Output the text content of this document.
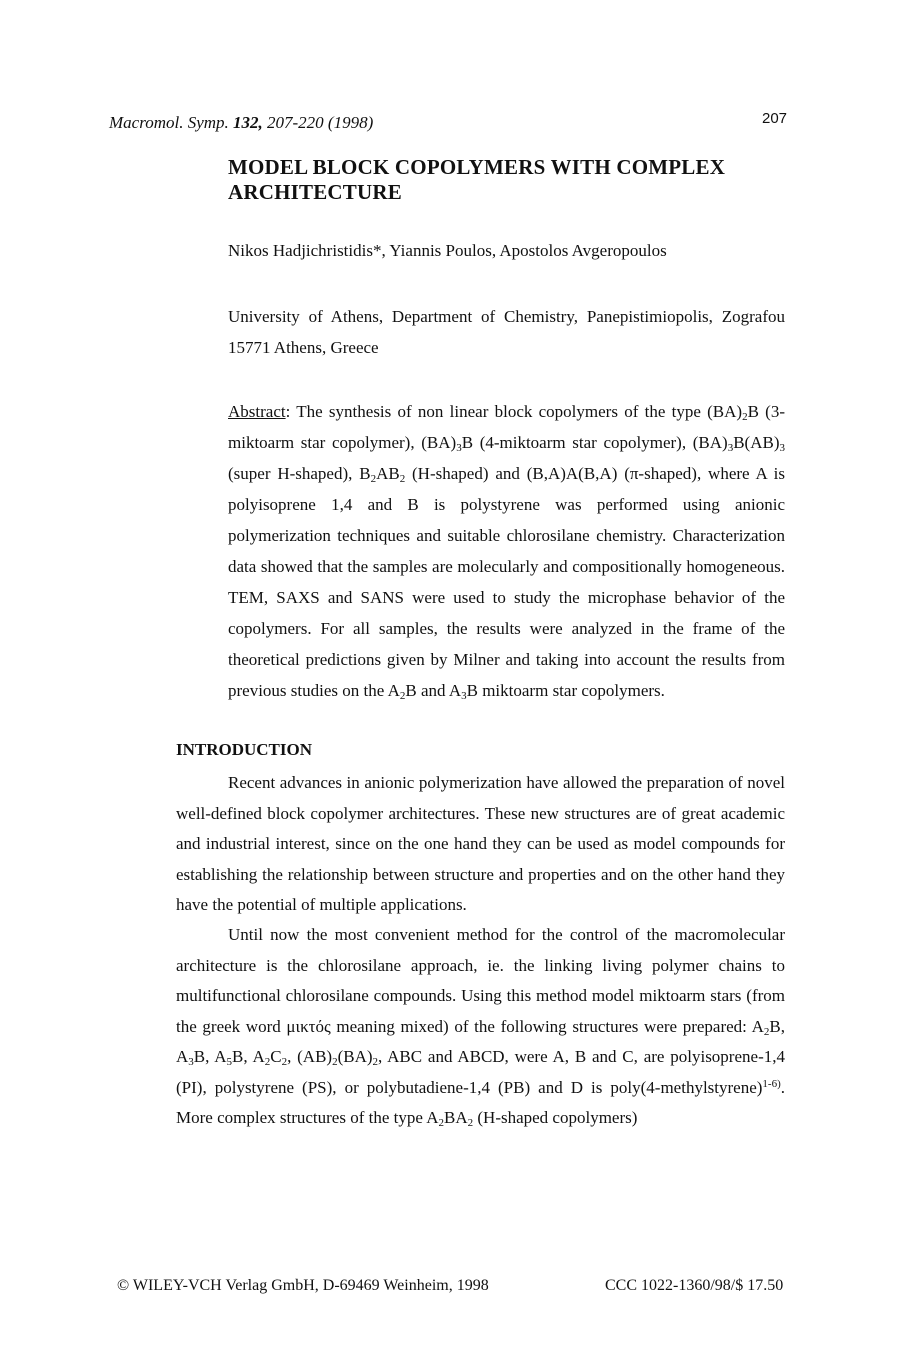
Macromol. Symp. 132, 207-220 (1998)	207
MODEL BLOCK COPOLYMERS WITH COMPLEX ARCHITECTURE
Nikos Hadjichristidis*, Yiannis Poulos, Apostolos Avgeropoulos
University of Athens, Department of Chemistry, Panepistimiopolis, Zografou 15771 Athens, Greece
Abstract: The synthesis of non linear block copolymers of the type $(BA)_2B$ (3-miktoarm star copolymer), $(BA)_3B$ (4-miktoarm star copolymer), $(BA)_3B(AB)_3$ (super H-shaped), $B_2AB_2$ (H-shaped) and (B,A)A(B,A) (π-shaped), where A is polyisoprene 1,4 and B is polystyrene was performed using anionic polymerization techniques and suitable chlorosilane chemistry. Characterization data showed that the samples are molecularly and compositionally homogeneous. TEM, SAXS and SANS were used to study the microphase behavior of the copolymers. For all samples, the results were analyzed in the frame of the theoretical predictions given by Milner and taking into account the results from previous studies on the $A_2B$ and $A_3B$ miktoarm star copolymers.
INTRODUCTION
Recent advances in anionic polymerization have allowed the preparation of novel well-defined block copolymer architectures. These new structures are of great academic and industrial interest, since on the one hand they can be used as model compounds for establishing the relationship between structure and properties and on the other hand they have the potential of multiple applications.
Until now the most convenient method for the control of the macromolecular architecture is the chlorosilane approach, ie. the linking living polymer chains to multifunctional chlorosilane compounds. Using this method model miktoarm stars (from the greek word μικτός meaning mixed) of the following structures were prepared: $A_2B$, $A_3B$, $A_5B$, $A_2C_2$, $(AB)_2(BA)_2$, ABC and ABCD, were A, B and C, are polyisoprene-1,4 (PI), polystyrene (PS), or polybutadiene-1,4 (PB) and D is poly(4-methylstyrene)$^{1-6)}$. More complex structures of the type $A_2BA_2$ (H-shaped copolymers)
© WILEY-VCH Verlag GmbH, D-69469 Weinheim, 1998	CCC 1022-1360/98/$ 17.50
